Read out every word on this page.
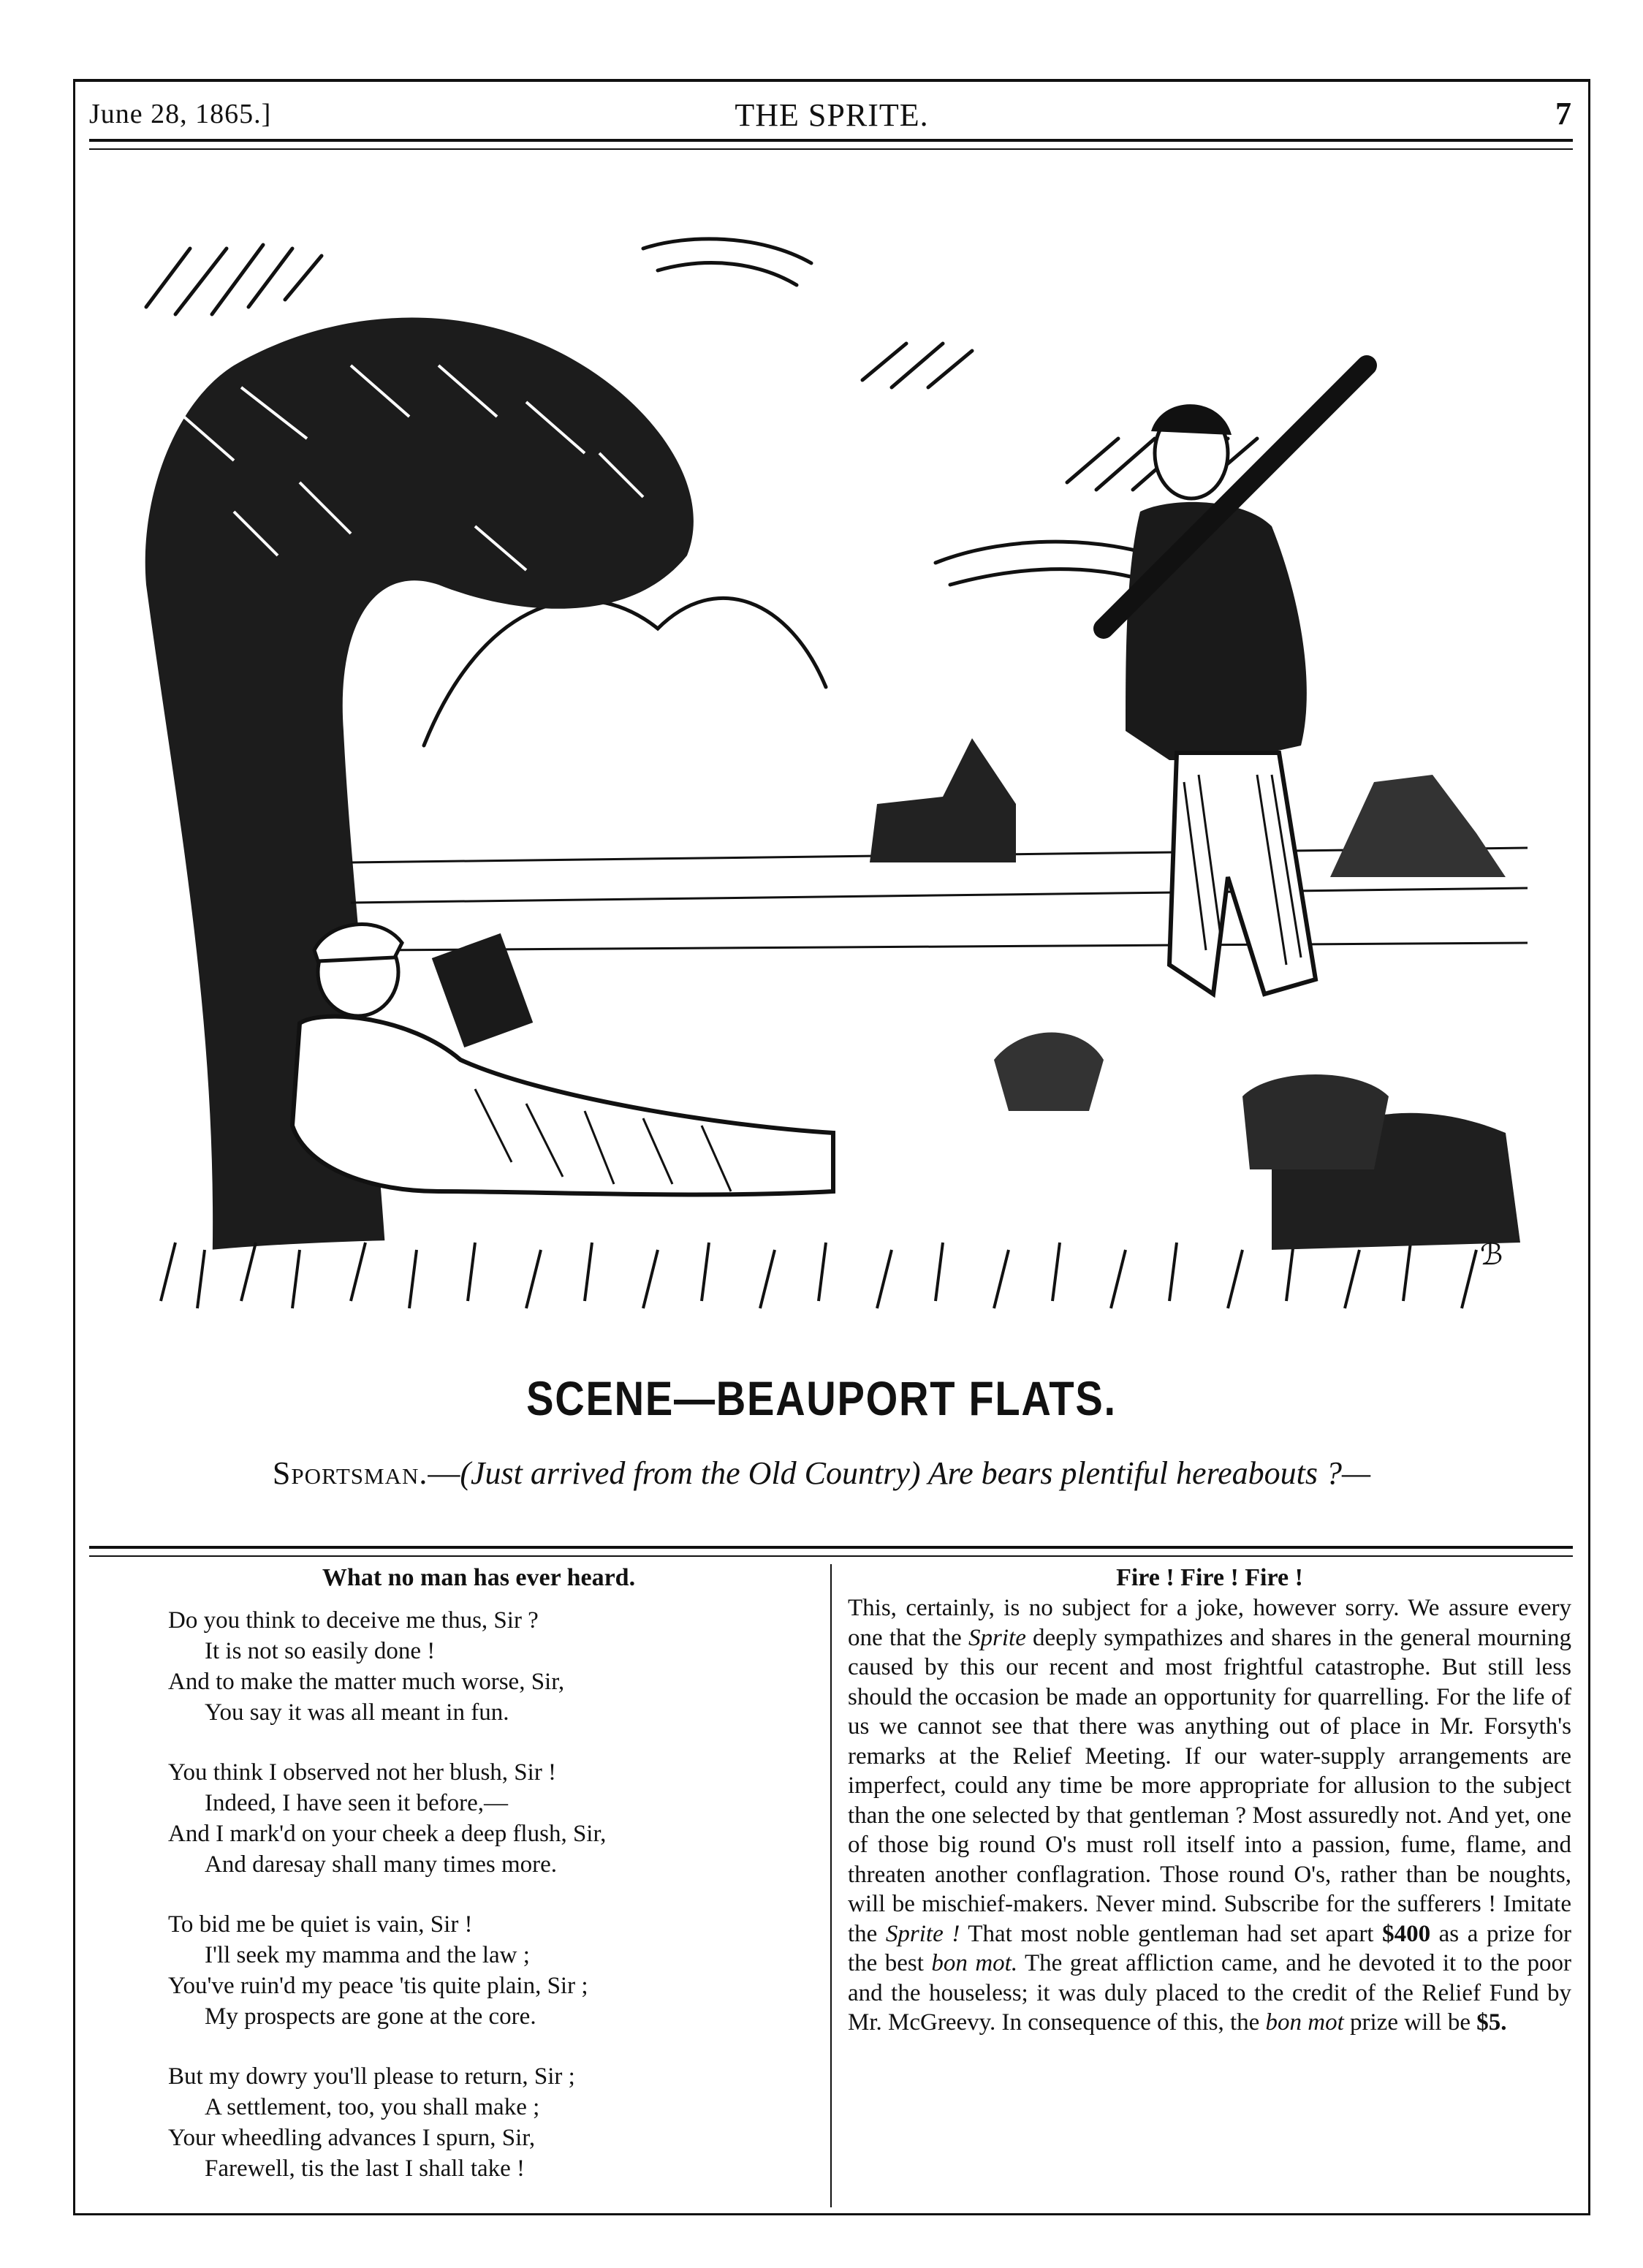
June 28, 1865.]	THE SPRITE.	7
ℬ
SCENE—BEAUPORT FLATS.
Sportsman.—(Just arrived from the Old Country) Are bears plentiful hereabouts ?—
What no man has ever heard.
Do you think to deceive me thus, Sir ?
It is not so easily done !
And to make the matter much worse, Sir,
You say it was all meant in fun.
You think I observed not her blush, Sir !
Indeed, I have seen it before,—
And I mark'd on your cheek a deep flush, Sir,
And daresay shall many times more.
To bid me be quiet is vain, Sir !
I'll seek my mamma and the law ;
You've ruin'd my peace 'tis quite plain, Sir ;
My prospects are gone at the core.
But my dowry you'll please to return, Sir ;
A settlement, too, you shall make ;
Your wheedling advances I spurn, Sir,
Farewell, tis the last I shall take !
Fire ! Fire ! Fire !
This, certainly, is no subject for a joke, however sorry. We assure every one that the Sprite deeply sympathizes and shares in the general mourning caused by this our recent and most frightful catastrophe. But still less should the occasion be made an opportunity for quarrelling. For the life of us we cannot see that there was anything out of place in Mr. Forsyth's remarks at the Relief Meeting. If our water-supply arrangements are imperfect, could any time be more appropriate for allusion to the subject than the one selected by that gentleman ? Most assuredly not. And yet, one of those big round O's must roll itself into a passion, fume, flame, and threaten another conflagration. Those round O's, rather than be noughts, will be mischief-makers. Never mind. Subscribe for the sufferers ! Imitate the Sprite ! That most noble gentleman had set apart $400 as a prize for the best bon mot. The great affliction came, and he devoted it to the poor and the houseless; it was duly placed to the credit of the Relief Fund by Mr. McGreevy. In consequence of this, the bon mot prize will be $5.
